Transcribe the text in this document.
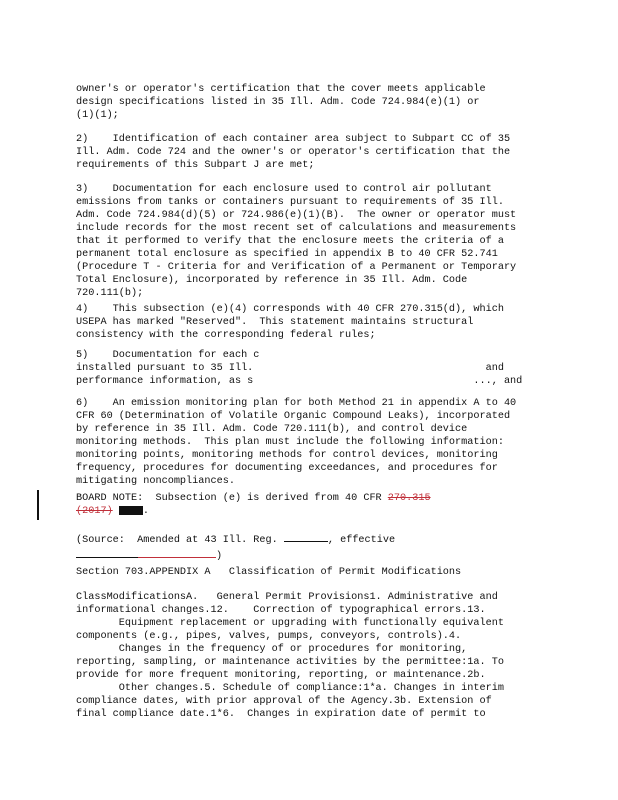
owner's or operator's certification that the cover meets applicable
design specifications listed in 35 Ill. Adm. Code 724.984(e)(1) or
(1)(1);

2)    Identification of each container area subject to Subpart CC of 35
Ill. Adm. Code 724 and the owner's or operator's certification that the
requirements of this Subpart J are met;

3)    Documentation for each enclosure used to control air pollutant
emissions from tanks or containers pursuant to requirements of 35 Ill.
Adm. Code 724.984(d)(5) or 724.986(e)(1)(B).  The owner or operator must
include records for the most recent set of calculations and measurements
that it performed to verify that the enclosure meets the criteria of a
permanent total enclosure as specified in appendix B to 40 CFR 52.741
(Procedure T - Criteria for and Verification of a Permanent or Temporary
Total Enclosure), incorporated by reference in 35 Ill. Adm. Code
720.111(b);

4)    This subsection (e)(4) corresponds with 40 CFR 270.315(d), which
USEPA has marked "Reserved".  This statement maintains structural
consistency with the corresponding federal rules;

5)    Documentation for each c
installed pursuant to 35 Ill.                                      and
performance information, as s                                    ..., and

6)    An emission monitoring plan for both Method 21 in appendix A to 40
CFR 60 (Determination of Volatile Organic Compound Leaks), incorporated
by reference in 35 Ill. Adm. Code 720.111(b), and control device
monitoring methods.  This plan must include the following information:
monitoring points, monitoring methods for control devices, monitoring
frequency, procedures for documenting exceedances, and procedures for
mitigating noncompliances.

BOARD NOTE:  Subsection (e) is derived from 40 CFR 270.315
(2017)	.

(Source:  Amended at 43 Ill. Reg.	, effective
)

Section 703.APPENDIX A   Classification of Permit Modifications

ClassModificationsA.   General Permit Provisions1. Administrative and
informational changes.12.    Correction of typographical errors.13.
Equipment replacement or upgrading with functionally equivalent
components (e.g., pipes, valves, pumps, conveyors, controls).4.
Changes in the frequency of or procedures for monitoring,
reporting, sampling, or maintenance activities by the permittee:1a. To
provide for more frequent monitoring, reporting, or maintenance.2b.
Other changes.5. Schedule of compliance:1*a. Changes in interim
compliance dates, with prior approval of the Agency.3b. Extension of
final compliance date.1*6.  Changes in expiration date of permit to
